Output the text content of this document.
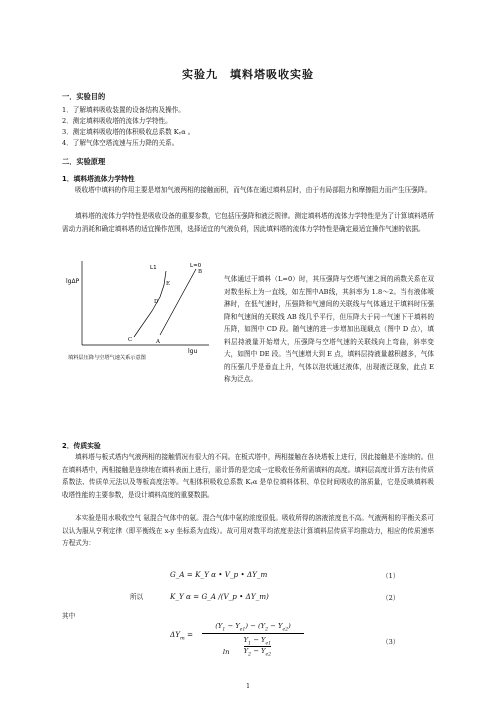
实验九　填料塔吸收实验
一．实验目的
1．了解填料吸收装置的设备结构及操作。
2．测定填料吸收塔的流体力学特性。
3．测定填料吸收塔的体积吸收总系数 Kᵧα 。
4．了解气体空塔流速与压力降的关系。
二．实验原理
1．填料塔流体力学特性
吸收塔中填料的作用主要是增加气液两相的接触面积，而气体在通过填料层时，由于有局部阻力和摩擦阻力而产生压强降。
填料塔的流体力学特性是吸收设备的重要参数，它包括压强降和液泛规律。测定填料塔的流体力学特性是为了计算填料塔所需动力消耗和确定填料塔的适宜操作范围，选择适宜的气液负荷，因此填料塔的流体力学特性是确定最适宜操作气速的依据。
气体通过干填料（L=0）时，其压强降与空塔气速之间的函数关系在双对数坐标上为一直线，如左图中AB线，其斜率为 1.8～2。当有液体喷淋时，在低气速时，压强降和气速间的关联线与气体通过干填料时压强降和气速间的关联线 AB 线几乎平行，但压降大于同一气速下干填料的压降，如图中 CD 段。随气速的进一步增加出现载点（图中 D 点），填料层持液量开始增大，压强降与空塔气速的关联线向上弯曲，斜率变大，如图中 DE 段。当气速增大到 E 点，填料层持液量越积越多，气体的压强几乎是垂直上升，气体以泡状通过液体，出现液泛现象，此点 E 称为泛点。
lgΔP
lgu
L1	L=0
A
B
C
D
E
填料层压降与空塔气速关系示意图
2．传质实验
填料塔与板式塔内气液两相的接触情况有很大的不同。在板式塔中，两相接触在各块塔板上进行，因此接触是不连续的。但在填料塔中，两相接触是连续地在填料表面上进行，需计算的是完成一定吸收任务所需填料的高度。填料层高度计算方法有传质系数法、传质单元法以及等板高度法等。气相体积吸收总系数 Kᵧα 是单位填料体积、单位时间吸收的溶质量，它是反映填料吸收塔性能的主要参数，是设计填料高度的重要数据。
本实验是用水吸收空气 氨混合气体中的氨。混合气体中氨的浓度很低。吸收所得的溶液浓度也不高。气液两相的平衡关系可以认为服从亨利定律（即平衡线在 x-y 坐标系为直线）。故可用对数平均浓度差法计算填料层传质平均推动力，相应的传质速率方程式为：
G_A = K_Y α • V_p • ΔY_m	（1）
所以	K_Y α = G_A /(V_p • ΔY_m)	（2）
其中
$\Delta Y_m$ =
$(Y_1 - Y_{e1}) - (Y_2 - Y_{e2})$
$\ln \frac{Y_1 - Y_{e1}}{Y_2 - Y_{e2}}$	（3）
1
